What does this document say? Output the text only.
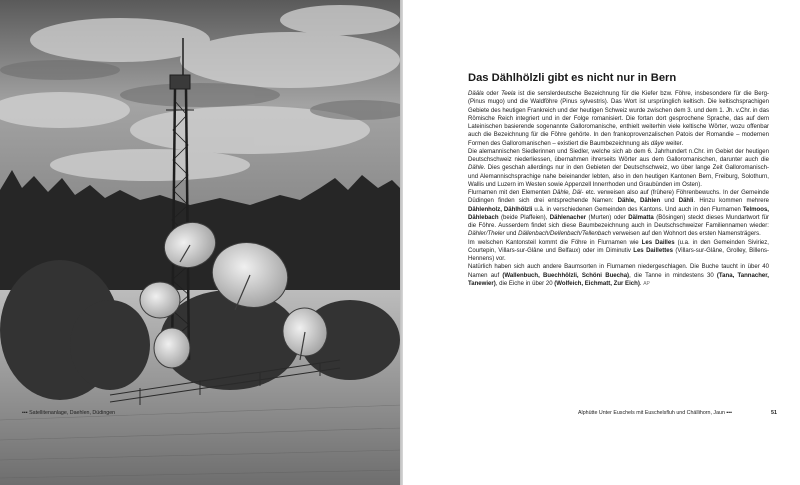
Das Dählhölzli gibt es nicht nur in Bern

Dääla oder Teela ist die senslerdeutsche Bezeichnung für die Kiefer bzw. Föhre, insbesondere für die Berg- (Pinus mugo) und die Waldföhre (Pinus sylvestris). Das Wort ist ursprünglich keltisch. Die keltischsprachigen Gebiete des heutigen Frankreich und der heutigen Schweiz wurde zwischen dem 3. und dem 1. Jh. v.Chr. in das Römische Reich integriert und in der Folge romanisiert. Die fortan dort gesprochene Sprache, das auf dem Lateinischen basierende sogenannte Galloromanische, enthielt weiterhin viele keltische Wörter, wozu offenbar auch die Bezeichnung für die Föhre gehörte. In den frankoprovenzalischen Patois der Romandie – modernen Formen des Galloromanischen – existiert die Baumbezeichnung als dâye weiter.

Die alemannischen Siedlerinnen und Siedler, welche sich ab dem 6. Jahrhundert n.Chr. im Gebiet der heutigen Deutschschweiz niederliessen, übernahmen ihrerseits Wörter aus dem Galloromanischen, darunter auch die Dähle. Dies geschah allerdings nur in den Gebieten der Deutschschweiz, wo über lange Zeit Galloromanisch- und Alemannischsprachige nahe beieinander lebten, also in den heutigen Kantonen Bern, Freiburg, Solothurn, Wallis und Luzern im Westen sowie Appenzell Innerrhoden und Graubünden im Osten).

Flurnamen mit den Elementen Dähle, Däl- etc. verweisen also auf (frühere) Föhrenbewuchs. In der Gemeinde Düdingen finden sich drei entsprechende Namen: Dähle, Dählen und Dähli. Hinzu kommen mehrere Dählenholz, Dählhölzli u.ä. in verschiedenen Gemeinden des Kantons. Und auch in den Flurnamen Telmoos, Dählebach (beide Plaffeien), Dählenacher (Murten) oder Dälmatta (Bösingen) steckt dieses Mundartwort für die Föhre. Ausserdem findet sich diese Baumbezeichnung auch in Deutschschweizer Familiennamen wieder: Dähler/Theler und Dällenbach/Dellenbach/Tellenbach verweisen auf den Wohnort des ersten Namensträgers.

Im welschen Kantonsteil kommt die Föhre in Flurnamen wie Les Dailles (u.a. in den Gemeinden Siviriez, Courtepin, Villars-sur-Glâne und Belfaux) oder im Diminutiv Les Daillettes (Villars-sur-Glâne, Grolley, Billens-Hennens) vor.

Natürlich haben sich auch andere Baumsorten in Flurnamen niedergeschlagen. Die Buche taucht in über 40 Namen auf (Wallenbuch, Buechhölzli, Schöni Buecha), die Tanne in mindestens 30 (Tana, Tannacher, Tanewier), die Eiche in über 20 (Wolfeich, Eichmatt, Zur Eich). AP

▪▪▪ Satellitenanlage, Daehlen, Düdingen	Alphütte Unter Euschels mit Euschelsfluh und Chällihorn, Jaun ▪▪▪	51
